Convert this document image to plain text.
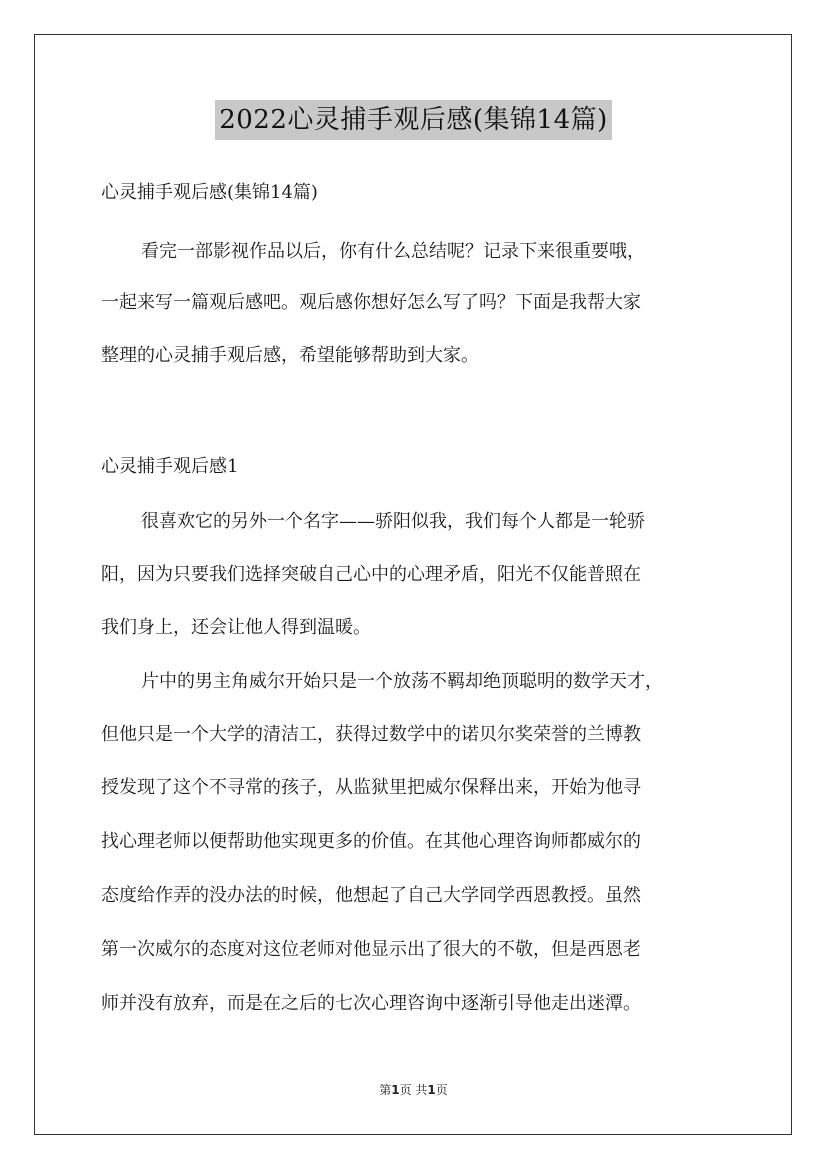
2022心灵捕手观后感(集锦14篇)
心灵捕手观后感(集锦14篇)
看完一部影视作品以后，你有什么总结呢？记录下来很重要哦，
一起来写一篇观后感吧。观后感你想好怎么写了吗？下面是我帮大家
整理的心灵捕手观后感，希望能够帮助到大家。
心灵捕手观后感1
很喜欢它的另外一个名字——骄阳似我，我们每个人都是一轮骄
阳，因为只要我们选择突破自己心中的心理矛盾，阳光不仅能普照在
我们身上，还会让他人得到温暖。
片中的男主角威尔开始只是一个放荡不羁却绝顶聪明的数学天才，
但他只是一个大学的清洁工，获得过数学中的诺贝尔奖荣誉的兰博教
授发现了这个不寻常的孩子，从监狱里把威尔保释出来，开始为他寻
找心理老师以便帮助他实现更多的价值。在其他心理咨询师都威尔的
态度给作弄的没办法的时候，他想起了自己大学同学西恩教授。虽然
第一次威尔的态度对这位老师对他显示出了很大的不敬，但是西恩老
师并没有放弃，而是在之后的七次心理咨询中逐渐引导他走出迷潭。
第1页 共1页
